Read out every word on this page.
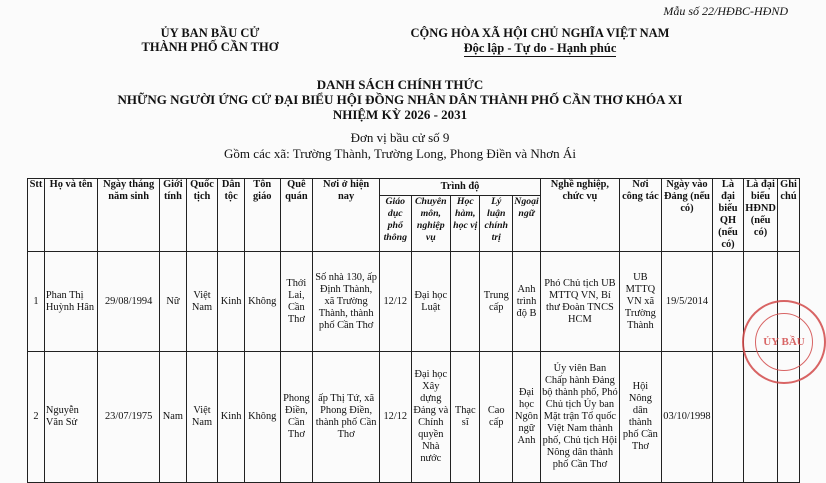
Mẫu số 22/HĐBC-HĐND
ỦY BAN BẦU CỬ
THÀNH PHỐ CẦN THƠ
CỘNG HÒA XÃ HỘI CHỦ NGHĨA VIỆT NAM
Độc lập - Tự do - Hạnh phúc
DANH SÁCH CHÍNH THỨC
NHỮNG NGƯỜI ỨNG CỬ ĐẠI BIỂU HỘI ĐỒNG NHÂN DÂN THÀNH PHỐ CẦN THƠ KHÓA XI
NHIỆM KỲ 2026 - 2031
Đơn vị bầu cử số 9
Gồm các xã: Trường Thành, Trường Long, Phong Điền và Nhơn Ái
Stt	Họ và tên	Ngày tháng năm sinh	Giới tính	Quốc tịch	Dân tộc	Tôn giáo	Quê quán	Nơi ở hiện nay	Trình độ					Nghề nghiệp, chức vụ	Nơi công tác	Ngày vào Đảng (nếu có)	Là đại biểu QH (nếu có)	Là đại biểu HĐND (nếu có)	Ghi chú
									Giáo dục phổ thông	Chuyên môn, nghiệp vụ	Học hàm, học vị	Lý luận chính trị	Ngoại ngữ						
1	Phan Thị Huỳnh Hân	29/08/1994	Nữ	Việt Nam	Kinh	Không	Thới Lai, Cần Thơ	Số nhà 130, ấp Định Thành, xã Trường Thành, thành phố Cần Thơ	12/12	Đại học Luật		Trung cấp	Anh trình độ B	Phó Chủ tịch UB MTTQ VN, Bí thư Đoàn TNCS HCM	UB MTTQ VN xã Trường Thành	19/5/2014			
2	Nguyễn Văn Sử	23/07/1975	Nam	Việt Nam	Kinh	Không	Phong Điền, Cần Thơ	ấp Thị Tứ, xã Phong Điền, thành phố Cần Thơ	12/12	Đại học Xây dựng Đảng và Chính quyền Nhà nước	Thạc sĩ	Cao cấp	Đại học Ngôn ngữ Anh	Ủy viên Ban Chấp hành Đảng bộ thành phố, Phó Chủ tịch Ủy ban Mặt trận Tổ quốc Việt Nam thành phố, Chủ tịch Hội Nông dân thành phố Cần Thơ	Hội Nông dân thành phố Cần Thơ	03/10/1998			
ỦY BẦU
